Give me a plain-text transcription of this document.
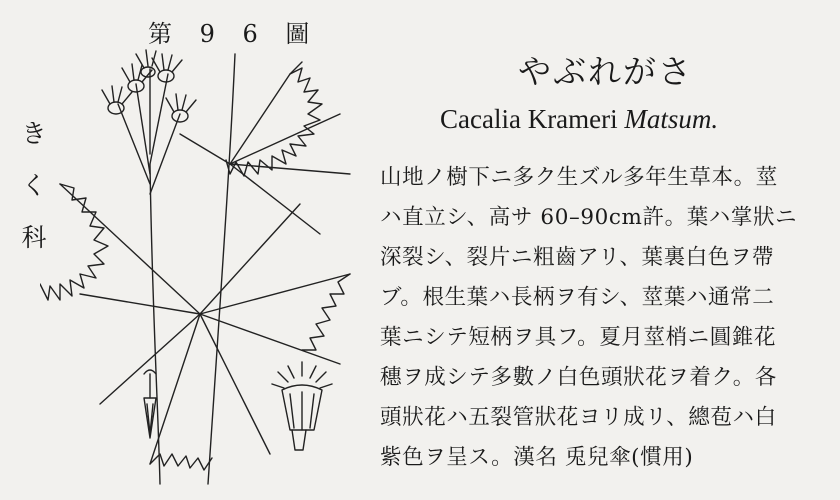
第 9 6 圖
き
く
科
やぶれがさ
Cacalia Krameri Matsum.
山地ノ樹下ニ多ク生ズル多年生草本。莖
ハ直立シ、高サ 60–90cm許。葉ハ掌狀ニ
深裂シ、裂片ニ粗齒アリ、葉裏白色ヲ帶
ブ。根生葉ハ長柄ヲ有シ、莖葉ハ通常二
葉ニシテ短柄ヲ具フ。夏月莖梢ニ圓錐花
穗ヲ成シテ多數ノ白色頭狀花ヲ着ク。各
頭狀花ハ五裂管狀花ヨリ成リ、總苞ハ白
紫色ヲ呈ス。漢名 兎兒傘(慣用)
